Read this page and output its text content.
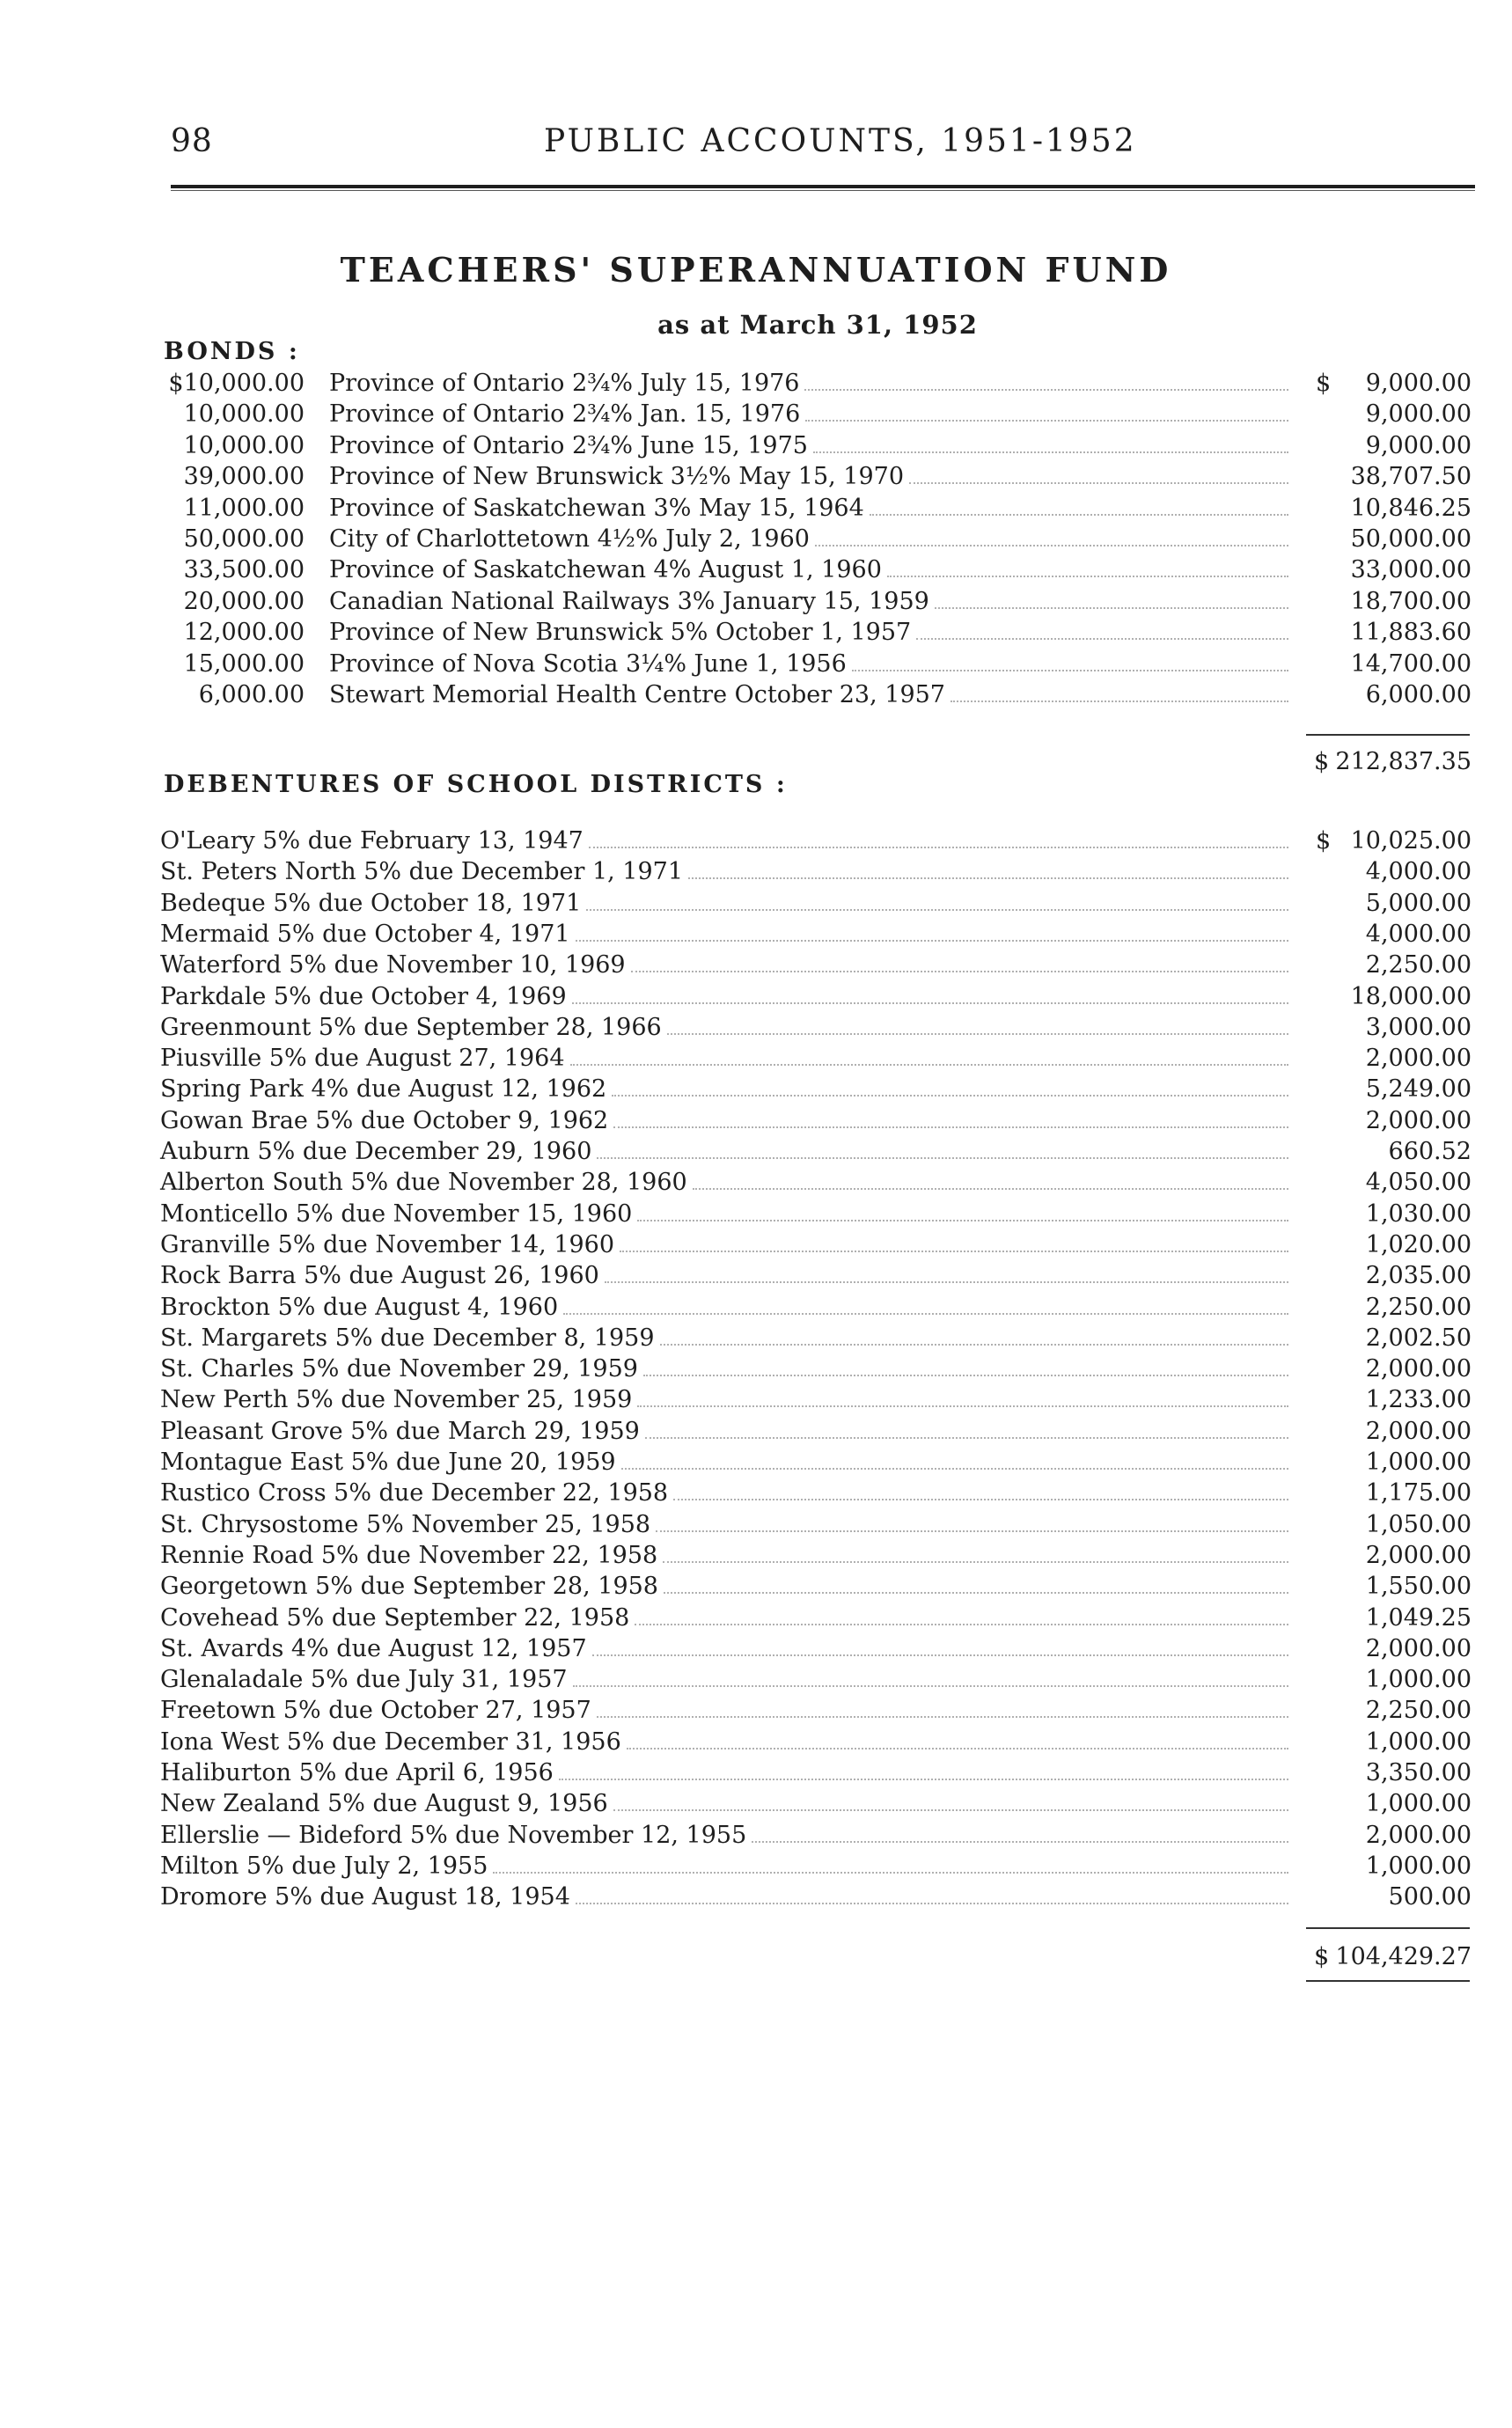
98	PUBLIC ACCOUNTS, 1951-1952
TEACHERS' SUPERANNUATION FUND
as at March 31, 1952
BONDS :
$10,000.00 Province of Ontario 2¾% July 15, 1976	$ 9,000.00
10,000.00 Province of Ontario 2¾% Jan. 15, 1976	9,000.00
10,000.00 Province of Ontario 2¾% June 15, 1975	9,000.00
39,000.00 Province of New Brunswick 3½% May 15, 1970	38,707.50
11,000.00 Province of Saskatchewan 3% May 15, 1964	10,846.25
50,000.00 City of Charlottetown 4½% July 2, 1960	50,000.00
33,500.00 Province of Saskatchewan 4% August 1, 1960	33,000.00
20,000.00 Canadian National Railways 3% January 15, 1959	18,700.00
12,000.00 Province of New Brunswick 5% October 1, 1957	11,883.60
15,000.00 Province of Nova Scotia 3¼% June 1, 1956	14,700.00
6,000.00 Stewart Memorial Health Centre October 23, 1957	6,000.00
$ 212,837.35
DEBENTURES OF SCHOOL DISTRICTS :
O'Leary 5% due February 13, 1947	$ 10,025.00
St. Peters North 5% due December 1, 1971	4,000.00
Bedeque 5% due October 18, 1971	5,000.00
Mermaid 5% due October 4, 1971	4,000.00
Waterford 5% due November 10, 1969	2,250.00
Parkdale 5% due October 4, 1969	18,000.00
Greenmount 5% due September 28, 1966	3,000.00
Piusville 5% due August 27, 1964	2,000.00
Spring Park 4% due August 12, 1962	5,249.00
Gowan Brae 5% due October 9, 1962	2,000.00
Auburn 5% due December 29, 1960	660.52
Alberton South 5% due November 28, 1960	4,050.00
Monticello 5% due November 15, 1960	1,030.00
Granville 5% due November 14, 1960	1,020.00
Rock Barra 5% due August 26, 1960	2,035.00
Brockton 5% due August 4, 1960	2,250.00
St. Margarets 5% due December 8, 1959	2,002.50
St. Charles 5% due November 29, 1959	2,000.00
New Perth 5% due November 25, 1959	1,233.00
Pleasant Grove 5% due March 29, 1959	2,000.00
Montague East 5% due June 20, 1959	1,000.00
Rustico Cross 5% due December 22, 1958	1,175.00
St. Chrysostome 5% November 25, 1958	1,050.00
Rennie Road 5% due November 22, 1958	2,000.00
Georgetown 5% due September 28, 1958	1,550.00
Covehead 5% due September 22, 1958	1,049.25
St. Avards 4% due August 12, 1957	2,000.00
Glenaladale 5% due July 31, 1957	1,000.00
Freetown 5% due October 27, 1957	2,250.00
Iona West 5% due December 31, 1956	1,000.00
Haliburton 5% due April 6, 1956	3,350.00
New Zealand 5% due August 9, 1956	1,000.00
Ellerslie — Bideford 5% due November 12, 1955	2,000.00
Milton 5% due July 2, 1955	1,000.00
Dromore 5% due August 18, 1954	500.00
$ 104,429.27
